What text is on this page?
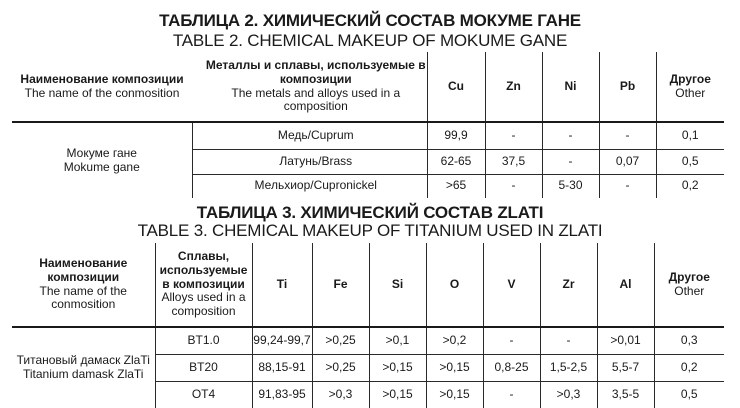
ТАБЛИЦА 2. ХИМИЧЕСКИЙ СОСТАВ МОКУМЕ ГАНЕ
TABLE 2. CHEMICAL MAKEUP OF MOKUME GANE
Наименование композиции
The name of the conmosition		Металлы и сплавы, используемые в композиции
The metals and alloys used in a composition	Cu	Zn	Ni	Pb	Другое
Other

Мокуме гане
Mokume gane		Медь/Cuprum	99,9	-	-	-	0,1
		Латунь/Brass	62-65	37,5	-	0,07	0,5
		Мельхиор/Cupronickel	>65	-	5-30	-	0,2
ТАБЛИЦА 3. ХИМИЧЕСКИЙ СОСТАВ ZLATI
TABLE 3. CHEMICAL MAKEUP OF TITANIUM USED IN ZLATI
Наименование композиции
The name of the conmosition	Сплавы, используемые в композиции
Alloys used in a composition	Ti	Fe	Si	O	V	Zr	Al	Другое
Other

Титановый дамаск ZlaTi
Titanium damask ZlaTi	BT1.0	99,24-99,7	>0,25	>0,1	>0,2	-	-	>0,01	0,3
	BT20	88,15-91	>0,25	>0,15	>0,15	0,8-25	1,5-2,5	5,5-7	0,2
	OT4	91,83-95	>0,3	>0,15	>0,15	-	>0,3	3,5-5	0,5
